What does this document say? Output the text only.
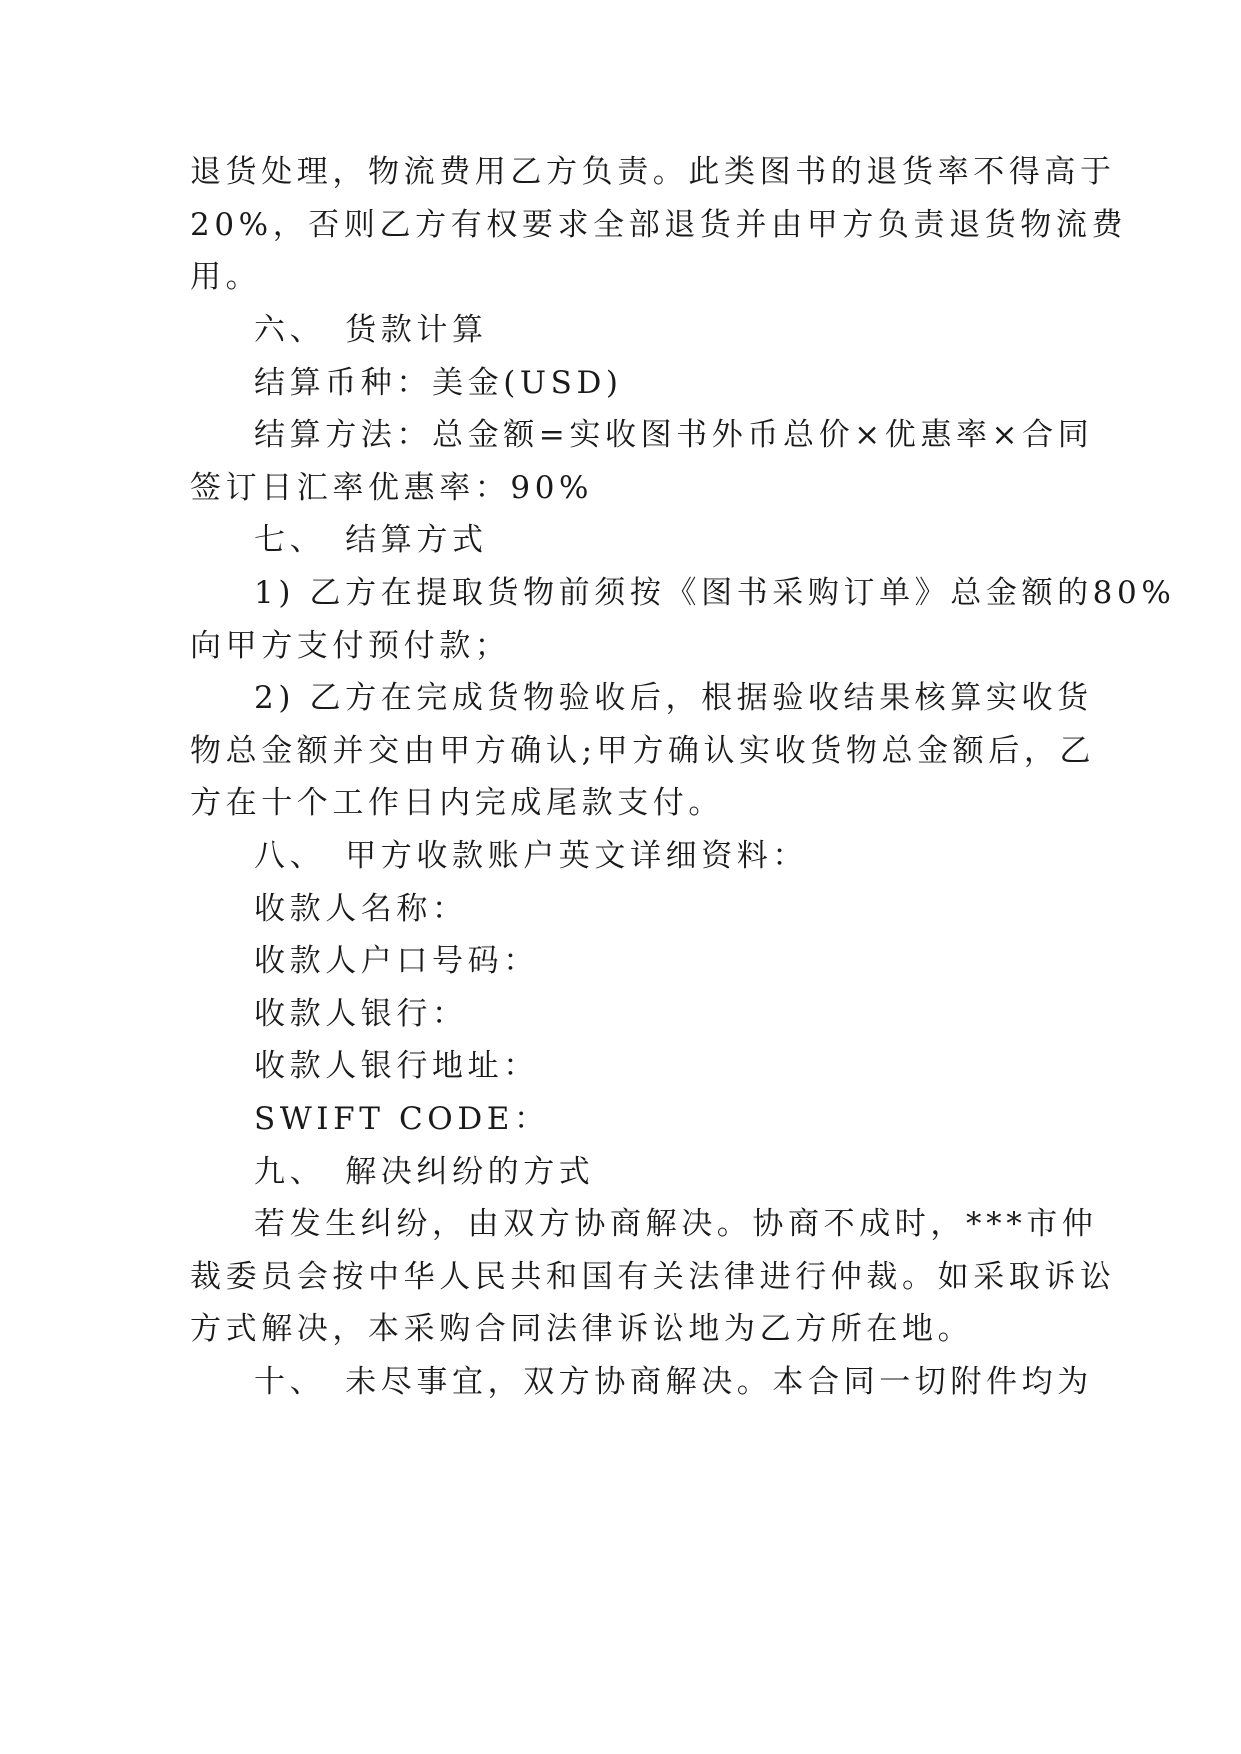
退货处理，物流费用乙方负责。此类图书的退货率不得高于
20%，否则乙方有权要求全部退货并由甲方负责退货物流费
用。
六、 货款计算
结算币种：美金(USD)
结算方法：总金额=实收图书外币总价×优惠率×合同
签订日汇率优惠率：90%
七、 结算方式
1) 乙方在提取货物前须按《图书采购订单》总金额的80%
向甲方支付预付款；
2) 乙方在完成货物验收后，根据验收结果核算实收货
物总金额并交由甲方确认;甲方确认实收货物总金额后，乙
方在十个工作日内完成尾款支付。
八、 甲方收款账户英文详细资料：
收款人名称：
收款人户口号码：
收款人银行：
收款人银行地址：
SWIFT CODE：
九、 解决纠纷的方式
若发生纠纷，由双方协商解决。协商不成时，***市仲
裁委员会按中华人民共和国有关法律进行仲裁。如采取诉讼
方式解决，本采购合同法律诉讼地为乙方所在地。
十、 未尽事宜，双方协商解决。本合同一切附件均为
